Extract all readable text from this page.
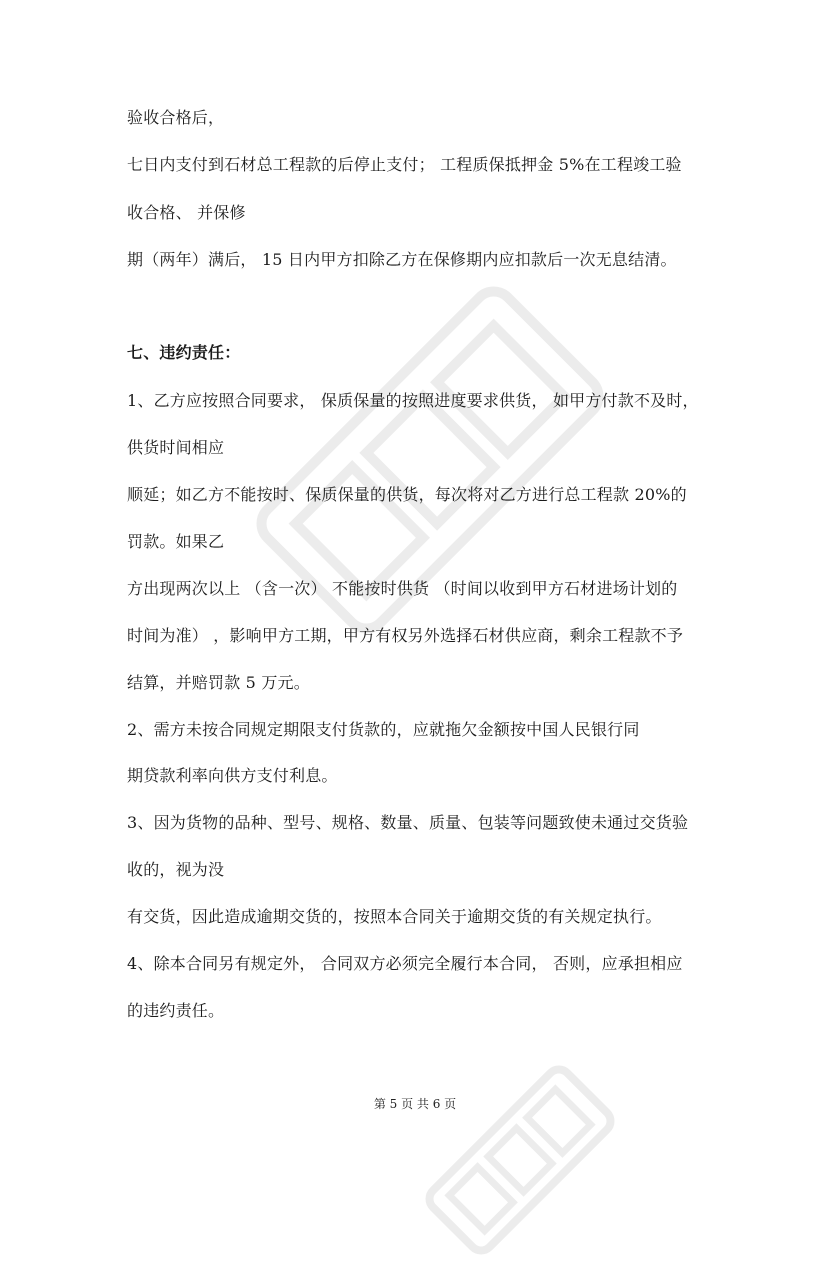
验收合格后，
七日内支付到石材总工程款的后停止支付； 工程质保抵押金 5%在工程竣工验
收合格、 并保修
期（两年）满后， 15 日内甲方扣除乙方在保修期内应扣款后一次无息结清。
七、违约责任：
1、乙方应按照合同要求， 保质保量的按照进度要求供货， 如甲方付款不及时，
供货时间相应
顺延；如乙方不能按时、保质保量的供货，每次将对乙方进行总工程款 20%的
罚款。如果乙
方出现两次以上 （含一次） 不能按时供货 （时间以收到甲方石材进场计划的
时间为准） ，影响甲方工期，甲方有权另外选择石材供应商，剩余工程款不予
结算，并赔罚款 5 万元。
2、需方未按合同规定期限支付货款的，应就拖欠金额按中国人民银行同
期贷款利率向供方支付利息。
3、因为货物的品种、型号、规格、数量、质量、包装等问题致使未通过交货验
收的，视为没
有交货，因此造成逾期交货的，按照本合同关于逾期交货的有关规定执行。
4、除本合同另有规定外， 合同双方必须完全履行本合同， 否则，应承担相应
的违约责任。
第 5 页 共 6 页
